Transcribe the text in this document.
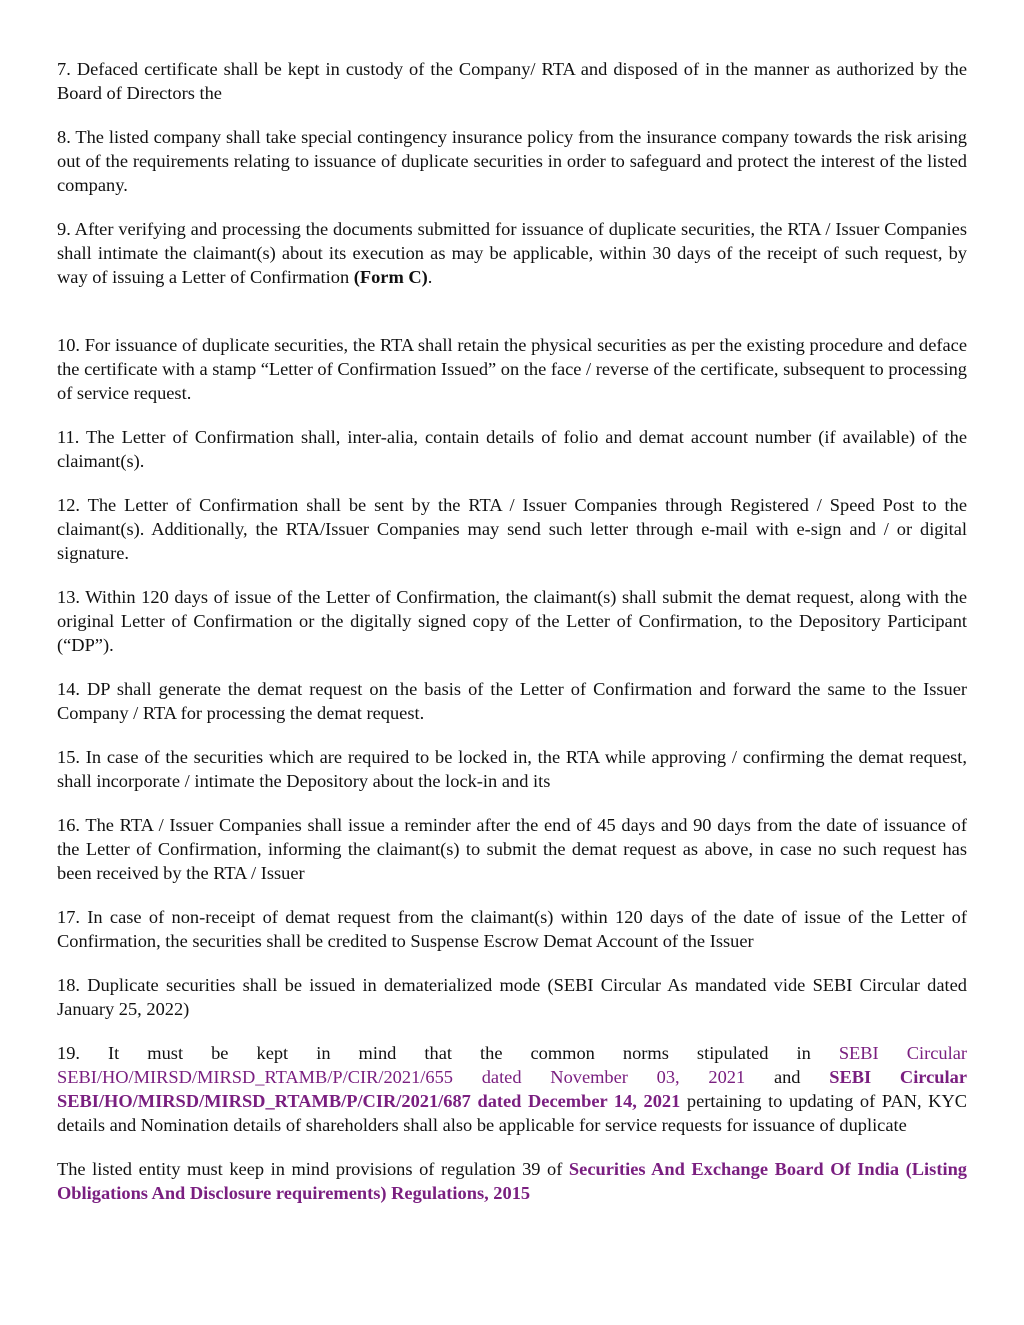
7. Defaced certificate shall be kept in custody of the Company/ RTA and disposed of in the manner as authorized by the Board of Directors the

8. The listed company shall take special contingency insurance policy from the insurance company towards the risk arising out of the requirements relating to issuance of duplicate securities in order to safeguard and protect the interest of the listed company.

9. After verifying and processing the documents submitted for issuance of duplicate securities, the RTA / Issuer Companies shall intimate the claimant(s) about its execution as may be applicable, within 30 days of the receipt of such request, by way of issuing a Letter of Confirmation (Form C).

10. For issuance of duplicate securities, the RTA shall retain the physical securities as per the existing procedure and deface the certificate with a stamp “Letter of Confirmation Issued” on the face / reverse of the certificate, subsequent to processing of service request.

11. The Letter of Confirmation shall, inter-alia, contain details of folio and demat account number (if available) of the claimant(s).

12. The Letter of Confirmation shall be sent by the RTA / Issuer Companies through Registered / Speed Post to the claimant(s). Additionally, the RTA/Issuer Companies may send such letter through e-mail with e-sign and / or digital signature.

13. Within 120 days of issue of the Letter of Confirmation, the claimant(s) shall submit the demat request, along with the original Letter of Confirmation or the digitally signed copy of the Letter of Confirmation, to the Depository Participant (“DP”).

14. DP shall generate the demat request on the basis of the Letter of Confirmation and forward the same to the Issuer Company / RTA for processing the demat request.

15. In case of the securities which are required to be locked in, the RTA while approving / confirming the demat request, shall incorporate / intimate the Depository about the lock-in and its

16. The RTA / Issuer Companies shall issue a reminder after the end of 45 days and 90 days from the date of issuance of the Letter of Confirmation, informing the claimant(s) to submit the demat request as above, in case no such request has been received by the RTA / Issuer

17. In case of non-receipt of demat request from the claimant(s) within 120 days of the date of issue of the Letter of Confirmation, the securities shall be credited to Suspense Escrow Demat Account of the Issuer

18. Duplicate securities shall be issued in dematerialized mode (SEBI Circular As mandated vide SEBI Circular dated January 25, 2022)

19. It must be kept in mind that the common norms stipulated in SEBI Circular SEBI/HO/MIRSD/MIRSD_RTAMB/P/CIR/2021/655 dated November 03, 2021 and SEBI Circular SEBI/HO/MIRSD/MIRSD_RTAMB/P/CIR/2021/687 dated December 14, 2021 pertaining to updating of PAN, KYC details and Nomination details of shareholders shall also be applicable for service requests for issuance of duplicate

The listed entity must keep in mind provisions of regulation 39 of Securities And Exchange Board Of India (Listing Obligations And Disclosure requirements) Regulations, 2015
